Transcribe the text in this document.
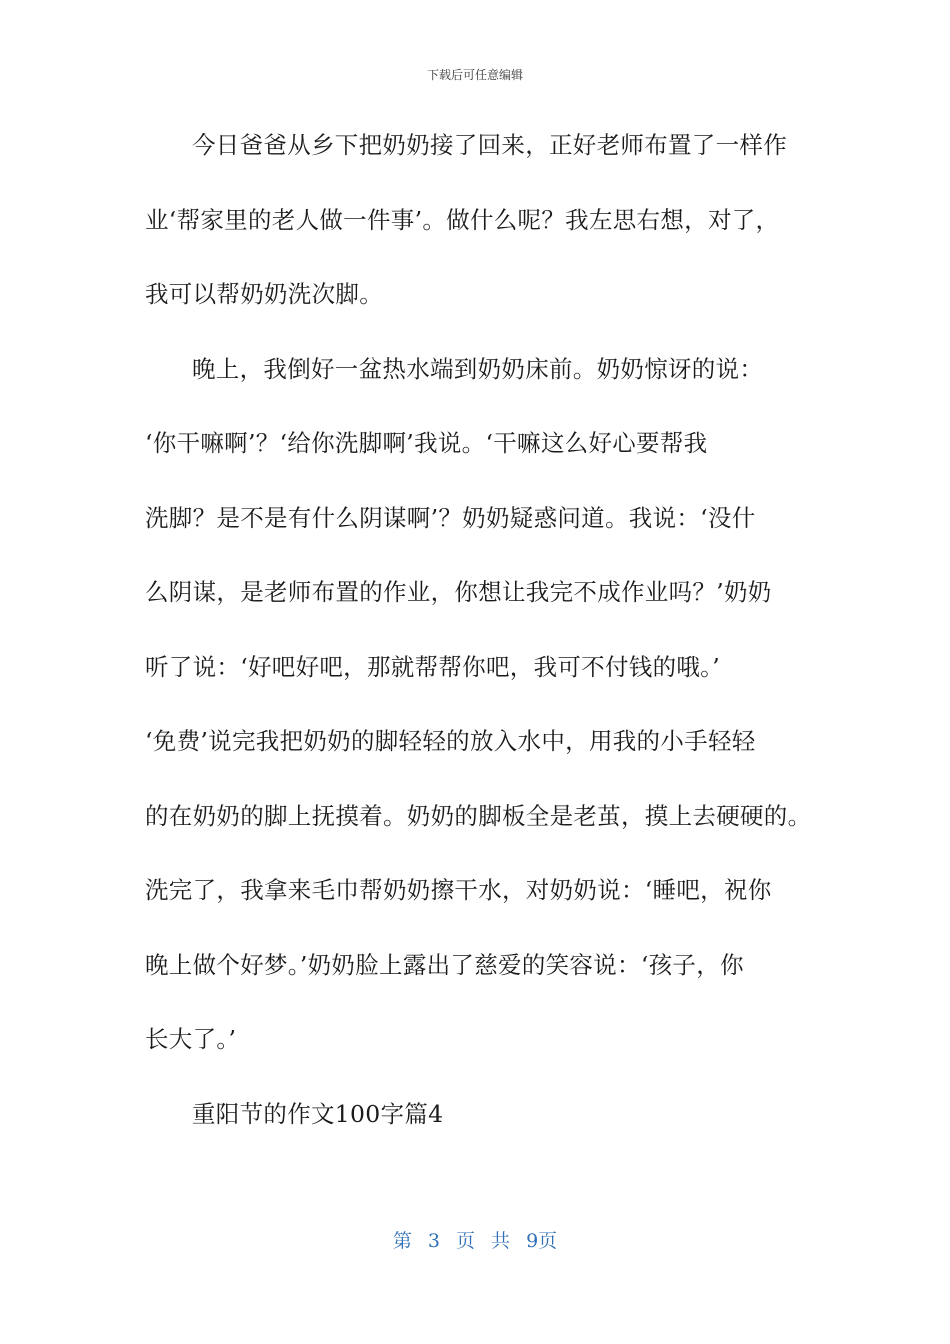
下载后可任意编辑
今日爸爸从乡下把奶奶接了回来，正好老师布置了一样作
业‘帮家里的老人做一件事’。做什么呢？我左思右想，对了，
我可以帮奶奶洗次脚。
晚上，我倒好一盆热水端到奶奶床前。奶奶惊讶的说：
‘你干嘛啊’？‘给你洗脚啊’我说。‘干嘛这么好心要帮我
洗脚？是不是有什么阴谋啊’？奶奶疑惑问道。我说：‘没什
么阴谋，是老师布置的作业，你想让我完不成作业吗？’奶奶
听了说：‘好吧好吧，那就帮帮你吧，我可不付钱的哦。’
‘免费’说完我把奶奶的脚轻轻的放入水中，用我的小手轻轻
的在奶奶的脚上抚摸着。奶奶的脚板全是老茧，摸上去硬硬的。
洗完了，我拿来毛巾帮奶奶擦干水，对奶奶说：‘睡吧，祝你
晚上做个好梦。’奶奶脸上露出了慈爱的笑容说：‘孩子，你
长大了。’
重阳节的作文100字篇4
第 3 页 共 9页
